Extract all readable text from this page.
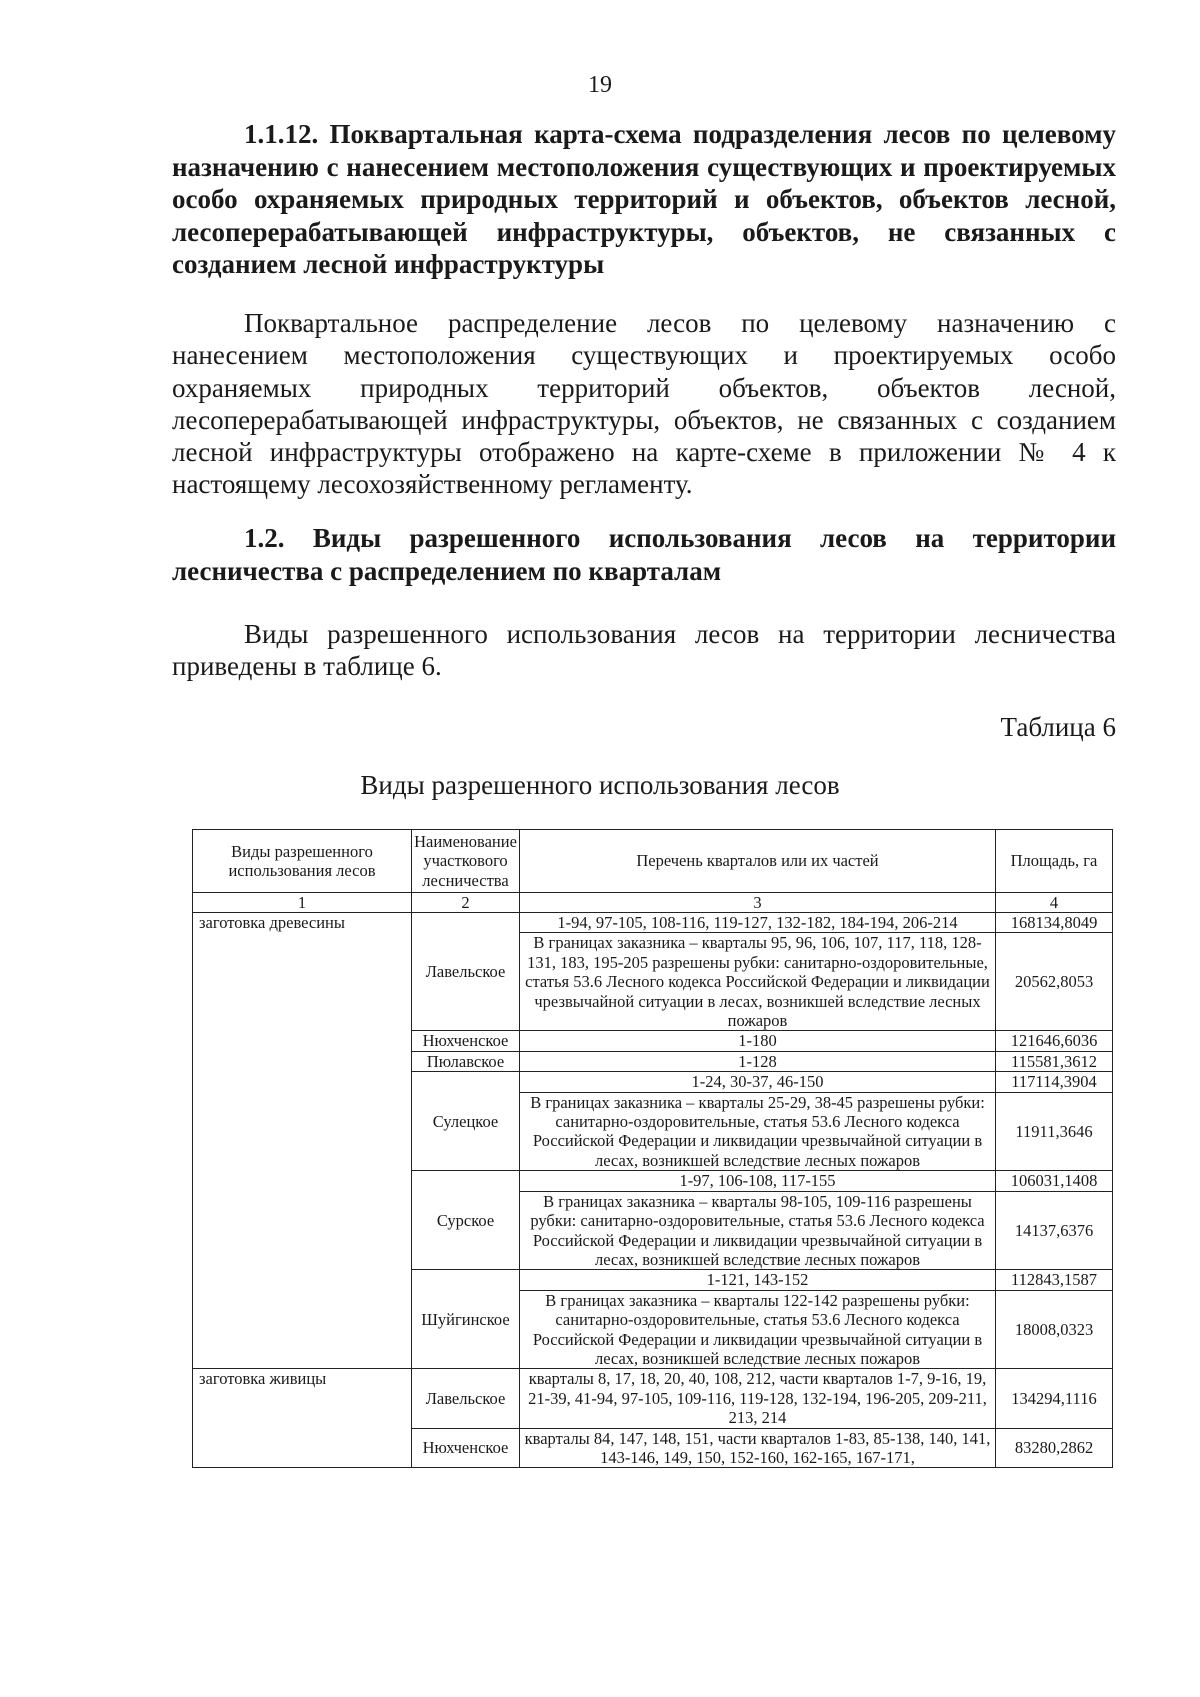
19
1.1.12. Поквартальная карта-схема подразделения лесов по целевому назначению с нанесением местоположения существующих и проектируемых особо охраняемых природных территорий и объектов, объектов лесной, лесоперерабатывающей инфраструктуры, объектов, не связанных с созданием лесной инфраструктуры
Поквартальное распределение лесов по целевому назначению с нанесением местоположения существующих и проектируемых особо охраняемых природных территорий объектов, объектов лесной, лесоперерабатывающей инфраструктуры, объектов, не связанных с созданием лесной инфраструктуры отображено на карте-схеме в приложении № 4 к настоящему лесохозяйственному регламенту.
1.2. Виды разрешенного использования лесов на территории лесничества с распределением по кварталам
Виды разрешенного использования лесов на территории лесничества приведены в таблице 6.
Таблица 6
Виды разрешенного использования лесов
Виды разрешенного использования лесов	Наименование участкового лесничества	Перечень кварталов или их частей	Площадь, га
1	2	3	4
заготовка древесины	Лавельское	1-94, 97-105, 108-116, 119-127, 132-182, 184-194, 206-214	168134,8049
		В границах заказника – кварталы 95, 96, 106, 107, 117, 118, 128-131, 183, 195-205 разрешены рубки: санитарно-оздоровительные, статья 53.6 Лесного кодекса Российской Федерации и ликвидации чрезвычайной ситуации в лесах, возникшей вследствие лесных пожаров	20562,8053
	Нюхченское	1-180	121646,6036
	Пюлавское	1-128	115581,3612
	Сулецкое	1-24, 30-37, 46-150	117114,3904
		В границах заказника – кварталы 25-29, 38-45 разрешены рубки: санитарно-оздоровительные, статья 53.6 Лесного кодекса Российской Федерации и ликвидации чрезвычайной ситуации в лесах, возникшей вследствие лесных пожаров	11911,3646
	Сурское	1-97, 106-108, 117-155	106031,1408
		В границах заказника – кварталы 98-105, 109-116 разрешены рубки: санитарно-оздоровительные, статья 53.6 Лесного кодекса Российской Федерации и ликвидации чрезвычайной ситуации в лесах, возникшей вследствие лесных пожаров	14137,6376
	Шуйгинское	1-121, 143-152	112843,1587
		В границах заказника – кварталы 122-142 разрешены рубки: санитарно-оздоровительные, статья 53.6 Лесного кодекса Российской Федерации и ликвидации чрезвычайной ситуации в лесах, возникшей вследствие лесных пожаров	18008,0323
заготовка живицы	Лавельское	кварталы 8, 17, 18, 20, 40, 108, 212, части кварталов 1-7, 9-16, 19, 21-39, 41-94, 97-105, 109-116, 119-128, 132-194, 196-205, 209-211, 213, 214	134294,1116
	Нюхченское	кварталы 84, 147, 148, 151, части кварталов 1-83, 85-138, 140, 141, 143-146, 149, 150, 152-160, 162-165, 167-171,	83280,2862
